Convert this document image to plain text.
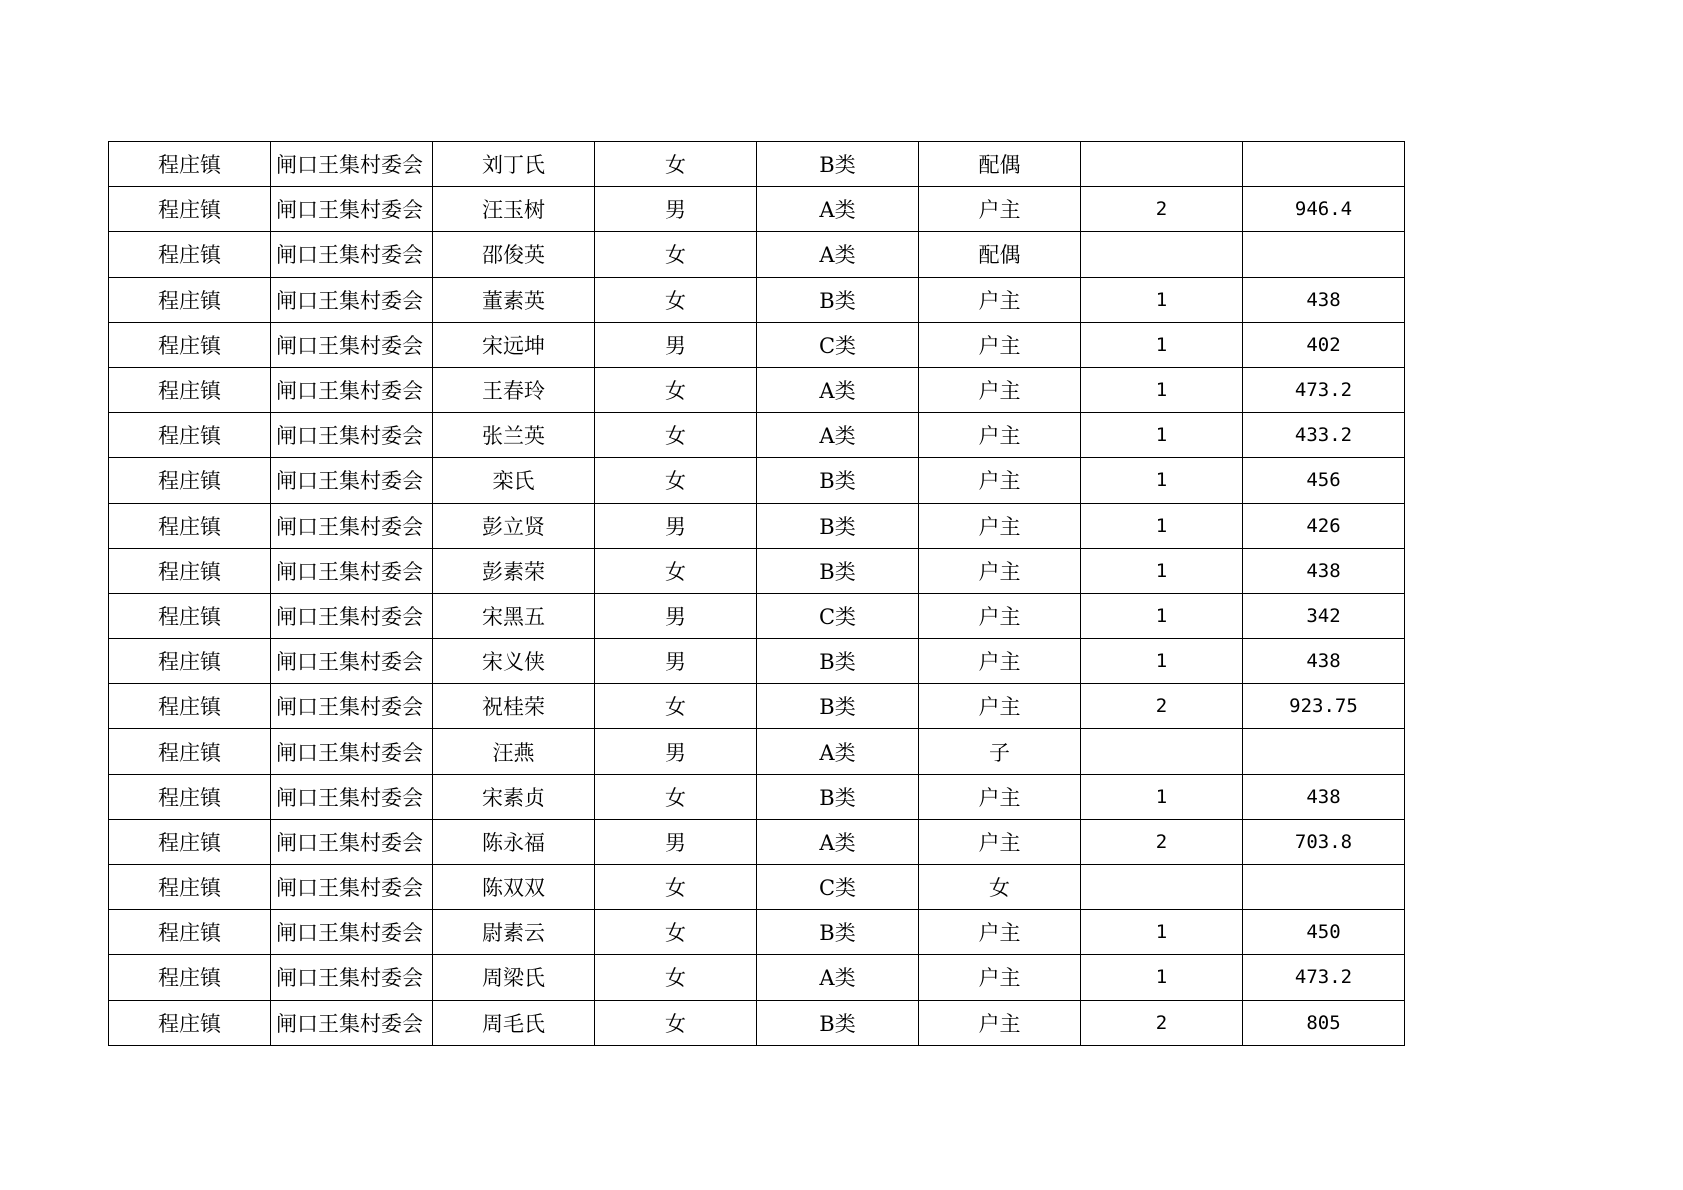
程庄镇	闸口王集村委会	刘丁氏	女	B类	配偶		
程庄镇	闸口王集村委会	汪玉树	男	A类	户主	2	946.4
程庄镇	闸口王集村委会	邵俊英	女	A类	配偶		
程庄镇	闸口王集村委会	董素英	女	B类	户主	1	438
程庄镇	闸口王集村委会	宋远坤	男	C类	户主	1	402
程庄镇	闸口王集村委会	王春玲	女	A类	户主	1	473.2
程庄镇	闸口王集村委会	张兰英	女	A类	户主	1	433.2
程庄镇	闸口王集村委会	栾氏	女	B类	户主	1	456
程庄镇	闸口王集村委会	彭立贤	男	B类	户主	1	426
程庄镇	闸口王集村委会	彭素荣	女	B类	户主	1	438
程庄镇	闸口王集村委会	宋黑五	男	C类	户主	1	342
程庄镇	闸口王集村委会	宋义侠	男	B类	户主	1	438
程庄镇	闸口王集村委会	祝桂荣	女	B类	户主	2	923.75
程庄镇	闸口王集村委会	汪燕	男	A类	子		
程庄镇	闸口王集村委会	宋素贞	女	B类	户主	1	438
程庄镇	闸口王集村委会	陈永福	男	A类	户主	2	703.8
程庄镇	闸口王集村委会	陈双双	女	C类	女		
程庄镇	闸口王集村委会	尉素云	女	B类	户主	1	450
程庄镇	闸口王集村委会	周梁氏	女	A类	户主	1	473.2
程庄镇	闸口王集村委会	周毛氏	女	B类	户主	2	805
